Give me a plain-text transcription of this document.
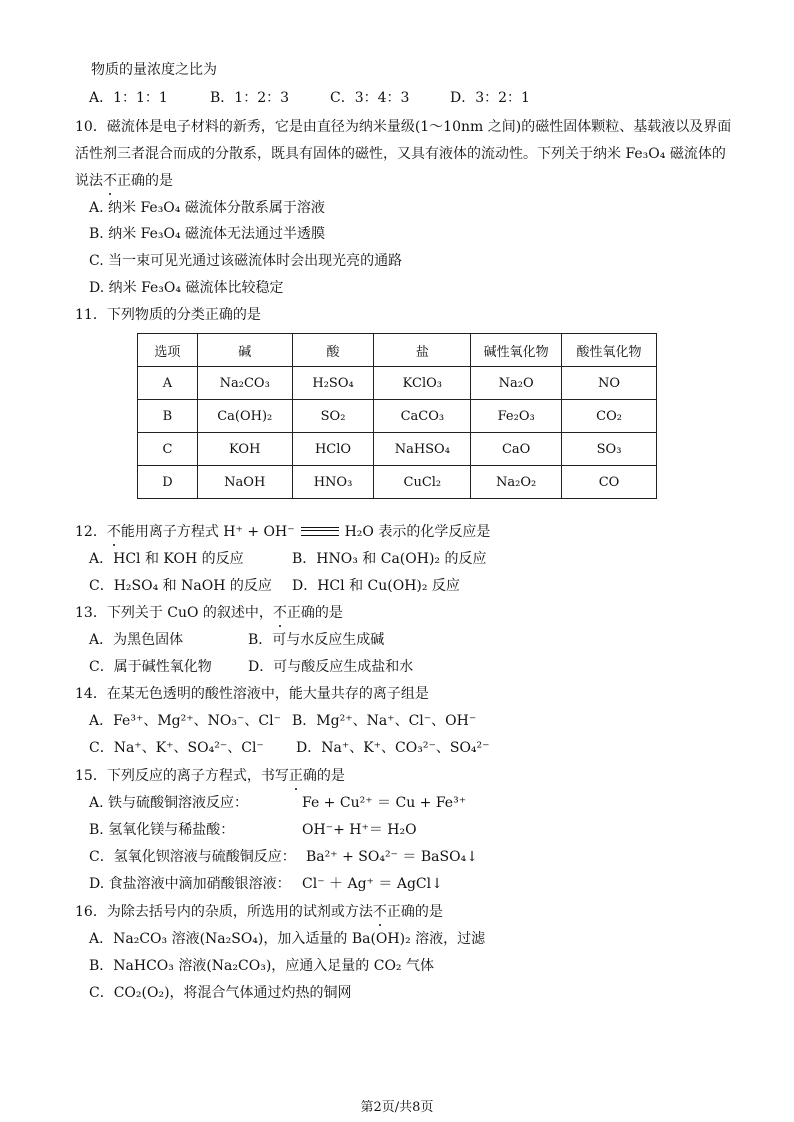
物质的量浓度之比为
A．1：1：1	B．1：2：3	C．3：4：3	D．3：2：1
10．磁流体是电子材料的新秀，它是由直径为纳米量级(1～10nm 之间)的磁性固体颗粒、基载液以及界面
活性剂三者混合而成的分散系，既具有固体的磁性，又具有液体的流动性。下列关于纳米 Fe₃O₄ 磁流体的
说法不正确的是
A. 纳米 Fe₃O₄ 磁流体分散系属于溶液
B. 纳米 Fe₃O₄ 磁流体无法通过半透膜
C. 当一束可见光通过该磁流体时会出现光亮的通路
D. 纳米 Fe₃O₄ 磁流体比较稳定
11．下列物质的分类正确的是
选项	碱	酸	盐	碱性氧化物	酸性氧化物
A	Na₂CO₃	H₂SO₄	KClO₃	Na₂O	NO
B	Ca(OH)₂	SO₂	CaCO₃	Fe₂O₃	CO₂
C	KOH	HClO	NaHSO₄	CaO	SO₃
D	NaOH	HNO₃	CuCl₂	Na₂O₂	CO
12．不能用离子方程式 H⁺ + OH⁻	H₂O 表示的化学反应是
A．HCl 和 KOH 的反应	B．HNO₃ 和 Ca(OH)₂ 的反应
C．H₂SO₄ 和 NaOH 的反应 D．HCl 和 Cu(OH)₂ 反应
13．下列关于 CuO 的叙述中，不正确的是
A．为黑色固体	B．可与水反应生成碱
C．属于碱性氧化物	D．可与酸反应生成盐和水
14．在某无色透明的酸性溶液中，能大量共存的离子组是
A．Fe³⁺、Mg²⁺、NO₃⁻、Cl⁻ B．Mg²⁺、Na⁺、Cl⁻、OH⁻
C．Na⁺、K⁺、SO₄²⁻、Cl⁻ D．Na⁺、K⁺、CO₃²⁻、SO₄²⁻
15．下列反应的离子方程式，书写正确的是
A. 铁与硫酸铜溶液反应：	Fe + Cu²⁺ ＝ Cu + Fe³⁺
B. 氢氧化镁与稀盐酸：	OH⁻+ H⁺＝ H₂O
C．氢氧化钡溶液与硫酸铜反应： Ba²⁺ + SO₄²⁻ ＝ BaSO₄↓
D. 食盐溶液中滴加硝酸银溶液： Cl⁻ ＋ Ag⁺ ＝ AgCl↓
16．为除去括号内的杂质，所选用的试剂或方法不正确的是
A．Na₂CO₃ 溶液(Na₂SO₄)，加入适量的 Ba(OH)₂ 溶液，过滤
B．NaHCO₃ 溶液(Na₂CO₃)，应通入足量的 CO₂ 气体
C．CO₂(O₂)，将混合气体通过灼热的铜网
第2页/共8页
